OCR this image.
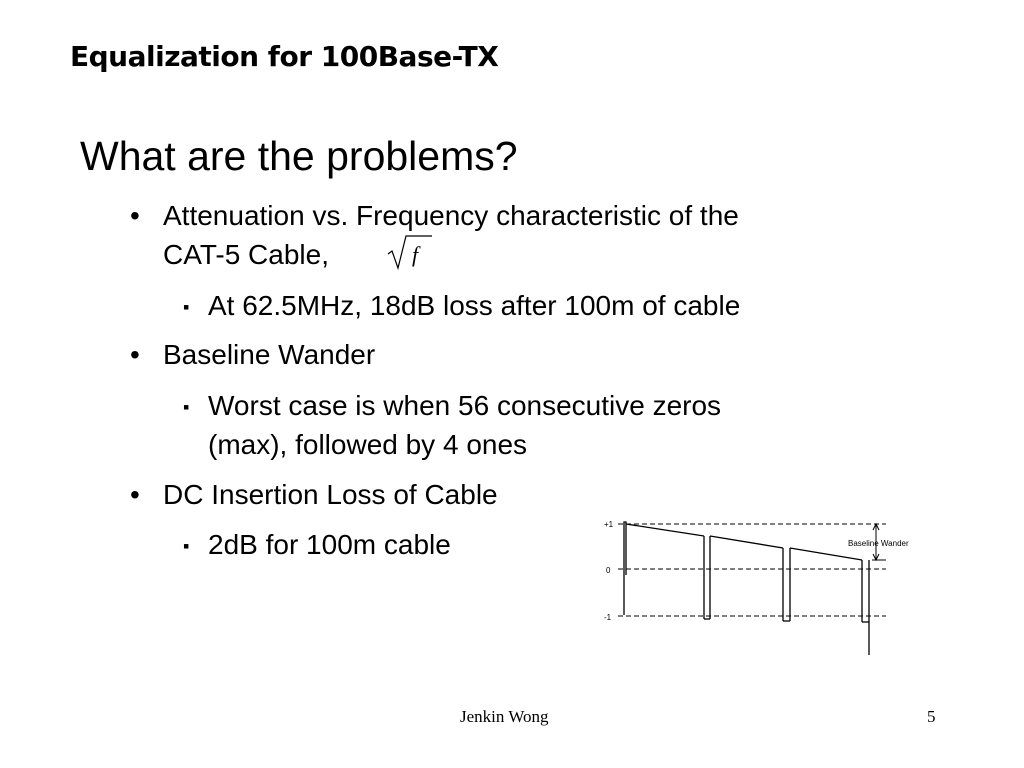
Equalization for 100Base-TX
What are the problems?
• Attenuation vs. Frequency characteristic of the
CAT-5 Cable,
▪ At 62.5MHz, 18dB loss after 100m of cable
• Baseline Wander
▪ Worst case is when 56 consecutive zeros
(max), followed by 4 ones
• DC Insertion Loss of Cable
▪ 2dB for 100m cable
f
+1
0
-1
Baseline Wander
Jenkin Wong	5
